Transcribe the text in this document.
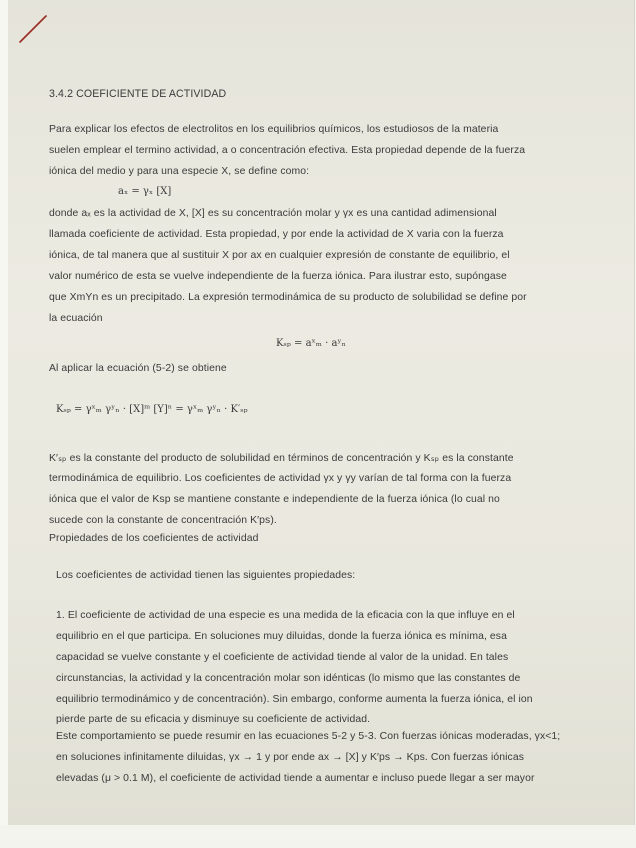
3.4.2 COEFICIENTE DE ACTIVIDAD
Para explicar los efectos de electrolitos en los equilibrios químicos, los estudiosos de la materia
suelen emplear el termino actividad, a o concentración efectiva. Esta propiedad depende de la fuerza
iónica del medio y para una especie X, se define como:
aₓ = γₓ [X]
donde aₓ es la actividad de X, [X] es su concentración molar y γx es una cantidad adimensional
llamada coeficiente de actividad. Esta propiedad, y por ende la actividad de X varia con la fuerza
iónica, de tal manera que al sustituir X por ax en cualquier expresión de constante de equilibrio, el
valor numérico de esta se vuelve independiente de la fuerza iónica. Para ilustrar esto, supóngase
que XmYn es un precipitado. La expresión termodinámica de su producto de solubilidad se define por
la ecuación
Kₛₚ = aˣₘ · aʸₙ
Al aplicar la ecuación (5-2) se obtiene
Kₛₚ = γˣₘ γʸₙ · [X]ᵐ [Y]ⁿ = γˣₘ γʸₙ · K′ₛₚ
K′ₛₚ es la constante del producto de solubilidad en términos de concentración y Kₛₚ es la constante
termodinámica de equilibrio. Los coeficientes de actividad γx y γy varían de tal forma con la fuerza
iónica que el valor de Ksp se mantiene constante e independiente de la fuerza iónica (lo cual no
sucede con la constante de concentración K′ps).
Propiedades de los coeficientes de actividad
Los coeficientes de actividad tienen las siguientes propiedades:
1. El coeficiente de actividad de una especie es una medida de la eficacia con la que influye en el
equilibrio en el que participa. En soluciones muy diluidas, donde la fuerza iónica es mínima, esa
capacidad se vuelve constante y el coeficiente de actividad tiende al valor de la unidad. En tales
circunstancias, la actividad y la concentración molar son idénticas (lo mismo que las constantes de
equilibrio termodinámico y de concentración). Sin embargo, conforme aumenta la fuerza iónica, el ion
pierde parte de su eficacia y disminuye su coeficiente de actividad.
Este comportamiento se puede resumir en las ecuaciones 5-2 y 5-3. Con fuerzas iónicas moderadas, γx<1;
en soluciones infinitamente diluidas, γx → 1 y por ende ax → [X] y K′ps → Kps. Con fuerzas iónicas
elevadas (μ > 0.1 M), el coeficiente de actividad tiende a aumentar e incluso puede llegar a ser mayor
